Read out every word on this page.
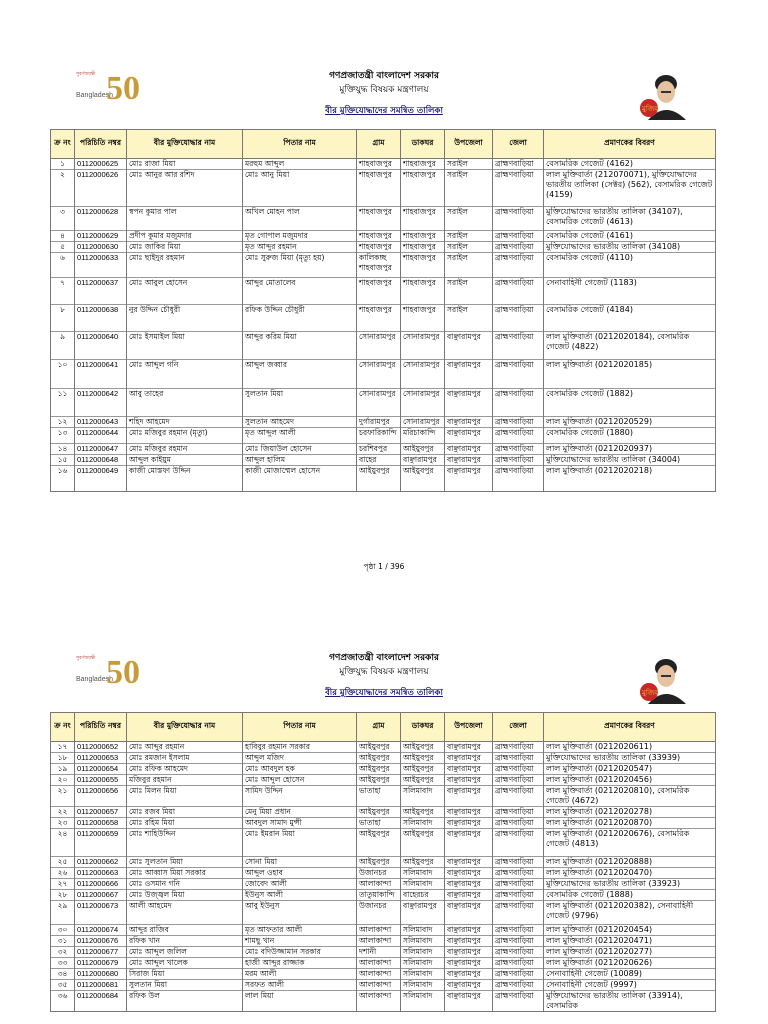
সুবর্ণজয়ন্তী
Bangladesh
50
মুজিব
গণপ্রজাতন্ত্রী বাংলাদেশ সরকার
মুক্তিযুদ্ধ বিষয়ক মন্ত্রণালয়
বীর মুক্তিযোদ্ধাদের সমন্বিত তালিকা
ক্র নং	পরিচিতি নম্বর	বীর মুক্তিযোদ্ধার নাম	পিতার নাম	গ্রাম	ডাকঘর	উপজেলা	জেলা	প্রমাণকের বিবরণ
১	0112000625	মোঃ রাজা মিয়া	মরহুম আব্দুল	শাহবাজপুর	শাহবাজপুর	সরাইল	ব্রাহ্মণবাড়িয়া	বেসামরিক গেজেট (4162)
২	0112000626	মোঃ আনুর আর রশিদ	মোঃ আনু মিয়া	শাহবাজপুর	শাহবাজপুর	সরাইল	ব্রাহ্মণবাড়িয়া	লাল মুক্তিবার্তা (212070071), মুক্তিযোদ্ধাদের ভারতীয় তালিকা (সেক্টর) (562), বেসামরিক গেজেট (4159)
৩	0112000628	স্বপন কুমার পাল	অখিল মোহন পাল	শাহবাজপুর	শাহবাজপুর	সরাইল	ব্রাহ্মণবাড়িয়া	মুক্তিযোদ্ধাদের ভারতীয় তালিকা (34107), বেসামরিক গেজেট (4613)
৪	0112000629	প্রদীপ কুমার মজুমদার	মৃত গোপাল মজুমদার	শাহবাজপুর	শাহবাজপুর	সরাইল	ব্রাহ্মণবাড়িয়া	বেসামরিক গেজেট (4161)
৫	0112000630	মোঃ জাকির মিয়া	মৃত আব্দুর রহমান	শাহবাজপুর	শাহবাজপুর	সরাইল	ব্রাহ্মণবাড়িয়া	মুক্তিযোদ্ধাদের ভারতীয় তালিকা (34108)
৬	0112000633	মোঃ ছাইদুর রহমান	মোঃ সুরুজ মিয়া (মৃত্যু হয়)	কালিকচ্ছ শাহবাজপুর	শাহবাজপুর	সরাইল	ব্রাহ্মণবাড়িয়া	বেসামরিক গেজেট (4110)
৭	0112000637	মোঃ আবুল হোসেন	আব্দুর মোতালেব	শাহবাজপুর	শাহবাজপুর	সরাইল	ব্রাহ্মণবাড়িয়া	সেনাবাহিনী গেজেট (1183)
৮	0112000638	নুর উদ্দিন চৌধুরী	রফিক উদ্দিন চৌধুরী	শাহবাজপুর	শাহবাজপুর	সরাইল	ব্রাহ্মণবাড়িয়া	বেসামরিক গেজেট (4184)
৯	0112000640	মোঃ ইসমাইল মিয়া	আব্দুর করিম মিয়া	সোনারামপুর	সোনারামপুর	বাঞ্ছারামপুর	ব্রাহ্মণবাড়িয়া	লাল মুক্তিবার্তা (0212020184), বেসামরিক গেজেট (4822)
১০	0112000641	মোঃ আব্দুল গনি	আব্দুল জব্বার	সোনারামপুর	সোনারামপুর	বাঞ্ছারামপুর	ব্রাহ্মণবাড়িয়া	লাল মুক্তিবার্তা (0212020185)
১১	0112000642	আবু তাহের	সুলতান মিয়া	সোনারামপুর	সোনারামপুর	বাঞ্ছারামপুর	ব্রাহ্মণবাড়িয়া	বেসামরিক গেজেট (1882)
১২	0112000643	শহিদ আহমেদ	সুলতান আহমেদ	দুর্গারামপুর	সোনারামপুর	বাঞ্ছারামপুর	ব্রাহ্মণবাড়িয়া	লাল মুক্তিবার্তা (0212020529)
১৩	0112000644	মোঃ মজিবুর রহমান (মৃত্যু)	মৃত আব্দুল আলী	চরফারিকান্দি	মরিচাকান্দি	বাঞ্ছারামপুর	ব্রাহ্মণবাড়িয়া	বেসামরিক গেজেট (1880)
১৪	0112000647	মোঃ মজিবুর রহমান	মোঃ জিয়াউল হোসেন	চরশিবপুর	আইয়ুবপুর	বাঞ্ছারামপুর	ব্রাহ্মণবাড়িয়া	লাল মুক্তিবার্তা (0212020937)
১৫	0112000648	আব্দুল কাইয়ুম	আব্দুল হালিম	বাহের	বাঞ্ছারামপুর	বাঞ্ছারামপুর	ব্রাহ্মণবাড়িয়া	মুক্তিযোদ্ধাদের ভারতীয় তালিকা (34004)
১৬	0112000649	কাজী মোস্তফা উদ্দিন	কাজী মোজাম্মেল হোসেন	আইয়ুবপুর	আইয়ুবপুর	বাঞ্ছারামপুর	ব্রাহ্মণবাড়িয়া	লাল মুক্তিবার্তা (0212020218)
পৃষ্ঠা 1 / 396
সুবর্ণজয়ন্তী
Bangladesh
50
মুজিব
গণপ্রজাতন্ত্রী বাংলাদেশ সরকার
মুক্তিযুদ্ধ বিষয়ক মন্ত্রণালয়
বীর মুক্তিযোদ্ধাদের সমন্বিত তালিকা
ক্র নং	পরিচিতি নম্বর	বীর মুক্তিযোদ্ধার নাম	পিতার নাম	গ্রাম	ডাকঘর	উপজেলা	জেলা	প্রমাণকের বিবরণ
১৭	0112000652	মোঃ আব্দুর রহমান	হাবিবুর রহমান সরকার	আইয়ুবপুর	আইয়ুবপুর	বাঞ্ছারামপুর	ব্রাহ্মণবাড়িয়া	লাল মুক্তিবার্তা (0212020611)
১৮	0112000653	মোঃ রমজান ইসলাম	আব্দুল মজিদ	আইয়ুবপুর	আইয়ুবপুর	বাঞ্ছারামপুর	ব্রাহ্মণবাড়িয়া	মুক্তিযোদ্ধাদের ভারতীয় তালিকা (33939)
১৯	0112000654	মোঃ রফিক আহমেদ	মোঃ আবদুল হক	আইয়ুবপুর	আইয়ুবপুর	বাঞ্ছারামপুর	ব্রাহ্মণবাড়িয়া	লাল মুক্তিবার্তা (0212020547)
২০	0112000655	মজিবুর রহমান	মোঃ আব্দুল হোসেন	আইয়ুবপুর	আইয়ুবপুর	বাঞ্ছারামপুর	ব্রাহ্মণবাড়িয়া	লাল মুক্তিবার্তা (0212020456)
২১	0112000656	মোঃ মিলন মিয়া	সামিদ উদ্দিন	ভাতাহা	সলিমাবাদ	বাঞ্ছারামপুর	ব্রাহ্মণবাড়িয়া	লাল মুক্তিবার্তা (0212020810), বেসামরিক গেজেট (4672)
২২	0112000657	মোঃ রজব মিয়া	মেনু মিয়া প্রধান	আইয়ুবপুর	আইয়ুবপুর	বাঞ্ছারামপুর	ব্রাহ্মণবাড়িয়া	লাল মুক্তিবার্তা (0212020278)
২৩	0112000658	মোঃ রহিম মিয়া	আবদুল সামাদ মুন্সী	ভাতাহা	সলিমাবাদ	বাঞ্ছারামপুর	ব্রাহ্মণবাড়িয়া	লাল মুক্তিবার্তা (0212020870)
২৪	0112000659	মোঃ শাহিউদ্দিন	মোঃ ইমরান মিয়া	আইয়ুবপুর	আইয়ুবপুর	বাঞ্ছারামপুর	ব্রাহ্মণবাড়িয়া	লাল মুক্তিবার্তা (0212020676), বেসামরিক গেজেট (4813)
২৫	0112000662	মোঃ সুলতান মিয়া	সোনা মিয়া	আইয়ুবপুর	আইয়ুবপুর	বাঞ্ছারামপুর	ব্রাহ্মণবাড়িয়া	লাল মুক্তিবার্তা (0212020888)
২৬	0112000663	মোঃ আব্বাস মিয়া সরকার	আব্দুল ওহাব	উজানচর	সলিমাবাদ	বাঞ্ছারামপুর	ব্রাহ্মণবাড়িয়া	লাল মুক্তিবার্তা (0212020470)
২৭	0112000666	মোঃ ওসমান গনি	জোবেদ আলী	আলাকান্দা	সলিমাবাদ	বাঞ্ছারামপুর	ব্রাহ্মণবাড়িয়া	মুক্তিযোদ্ধাদের ভারতীয় তালিকা (33923)
২৮	0112000667	মোঃ উজ্জ্বল মিয়া	ইউনুস আলী	তাতুয়াকান্দি	বাহেরচর	বাঞ্ছারামপুর	ব্রাহ্মণবাড়িয়া	বেসামরিক গেজেট (1888)
২৯	0112000673	আলী আহমেদ	আবু ইউনুস	উজানচর	বাঞ্ছারামপুর	বাঞ্ছারামপুর	ব্রাহ্মণবাড়িয়া	লাল মুক্তিবার্তা (0212020382), সেনাবাহিনী গেজেট (9796)
৩০	0112000674	আব্দুর রাজিব	মৃত আফতার আলী	আলাকান্দা	সলিমাবাদ	বাঞ্ছারামপুর	ব্রাহ্মণবাড়িয়া	লাল মুক্তিবার্তা (0212020454)
৩১	0112000676	রফিক খান	শামছু খান	আলাকান্দা	সলিমাবাদ	বাঞ্ছারামপুর	ব্রাহ্মণবাড়িয়া	লাল মুক্তিবার্তা (0212020471)
৩২	0112000677	মোঃ আব্দুল জলিল	মোঃ বদিউজ্জামান সরকার	দশানী	সলিমাবাদ	বাঞ্ছারামপুর	ব্রাহ্মণবাড়িয়া	লাল মুক্তিবার্তা (0212020277)
৩৩	0112000679	মোঃ আব্দুল খালেক	হাজী আব্দুর রাজ্জাক	আলাকান্দা	সলিমাবাদ	বাঞ্ছারামপুর	ব্রাহ্মণবাড়িয়া	লাল মুক্তিবার্তা (0212020626)
৩৪	0112000680	সিরাজ মিয়া	মরম আলী	আলাকান্দা	সলিমাবাদ	বাঞ্ছারামপুর	ব্রাহ্মণবাড়িয়া	সেনাবাহিনী গেজেট (10089)
৩৫	0112000681	সুলতান মিয়া	সরফত আলী	আলাকান্দা	সলিমাবাদ	বাঞ্ছারামপুর	ব্রাহ্মণবাড়িয়া	সেনাবাহিনী গেজেট (9997)
৩৬	0112000684	রফিক উল	লাল মিয়া	আলাকান্দা	সলিমাবাদ	বাঞ্ছারামপুর	ব্রাহ্মণবাড়িয়া	মুক্তিযোদ্ধাদের ভারতীয় তালিকা (33914), বেসামরিক
